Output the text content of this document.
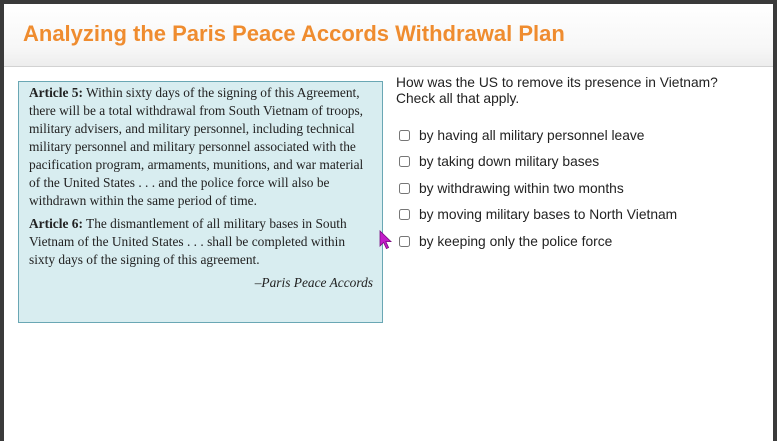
Analyzing the Paris Peace Accords Withdrawal Plan

Article 5: Within sixty days of the signing of this Agreement, there will be a total withdrawal from South Vietnam of troops, military advisers, and military personnel, including technical military personnel and military personnel associated with the pacification program, armaments, munitions, and war material of the United States . . . and the police force will also be withdrawn within the same period of time.

Article 6: The dismantlement of all military bases in South Vietnam of the United States . . . shall be completed within sixty days of the signing of this agreement.

–Paris Peace Accords
How was the US to remove its presence in Vietnam?
Check all that apply.
by having all military personnel leave
by taking down military bases
by withdrawing within two months
by moving military bases to North Vietnam
by keeping only the police force
